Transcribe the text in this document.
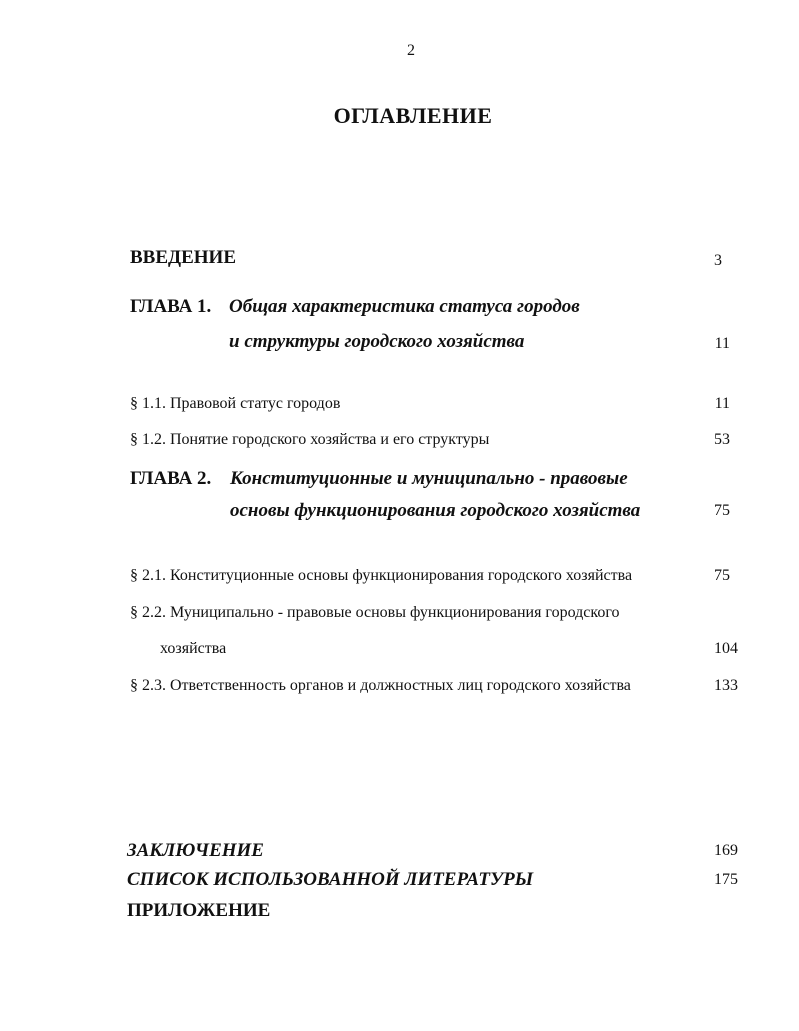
2
ОГЛАВЛЕНИЕ
ВВЕДЕНИЕ	3
ГЛАВА 1. Общая характеристика статуса городов
и структуры городского хозяйства	11
§ 1.1. Правовой статус городов	11
§ 1.2. Понятие городского хозяйства и его структуры	53
ГЛАВА 2. Конституционные и муниципально - правовые
основы функционирования городского хозяйства	75
§ 2.1. Конституционные основы функционирования городского хозяйства	75
§ 2.2. Муниципально - правовые основы функционирования городского
хозяйства	104
§ 2.3. Ответственность органов и должностных лиц городского хозяйства	133
ЗАКЛЮЧЕНИЕ	169
СПИСОК ИСПОЛЬЗОВАННОЙ ЛИТЕРАТУРЫ	175
ПРИЛОЖЕНИЕ
